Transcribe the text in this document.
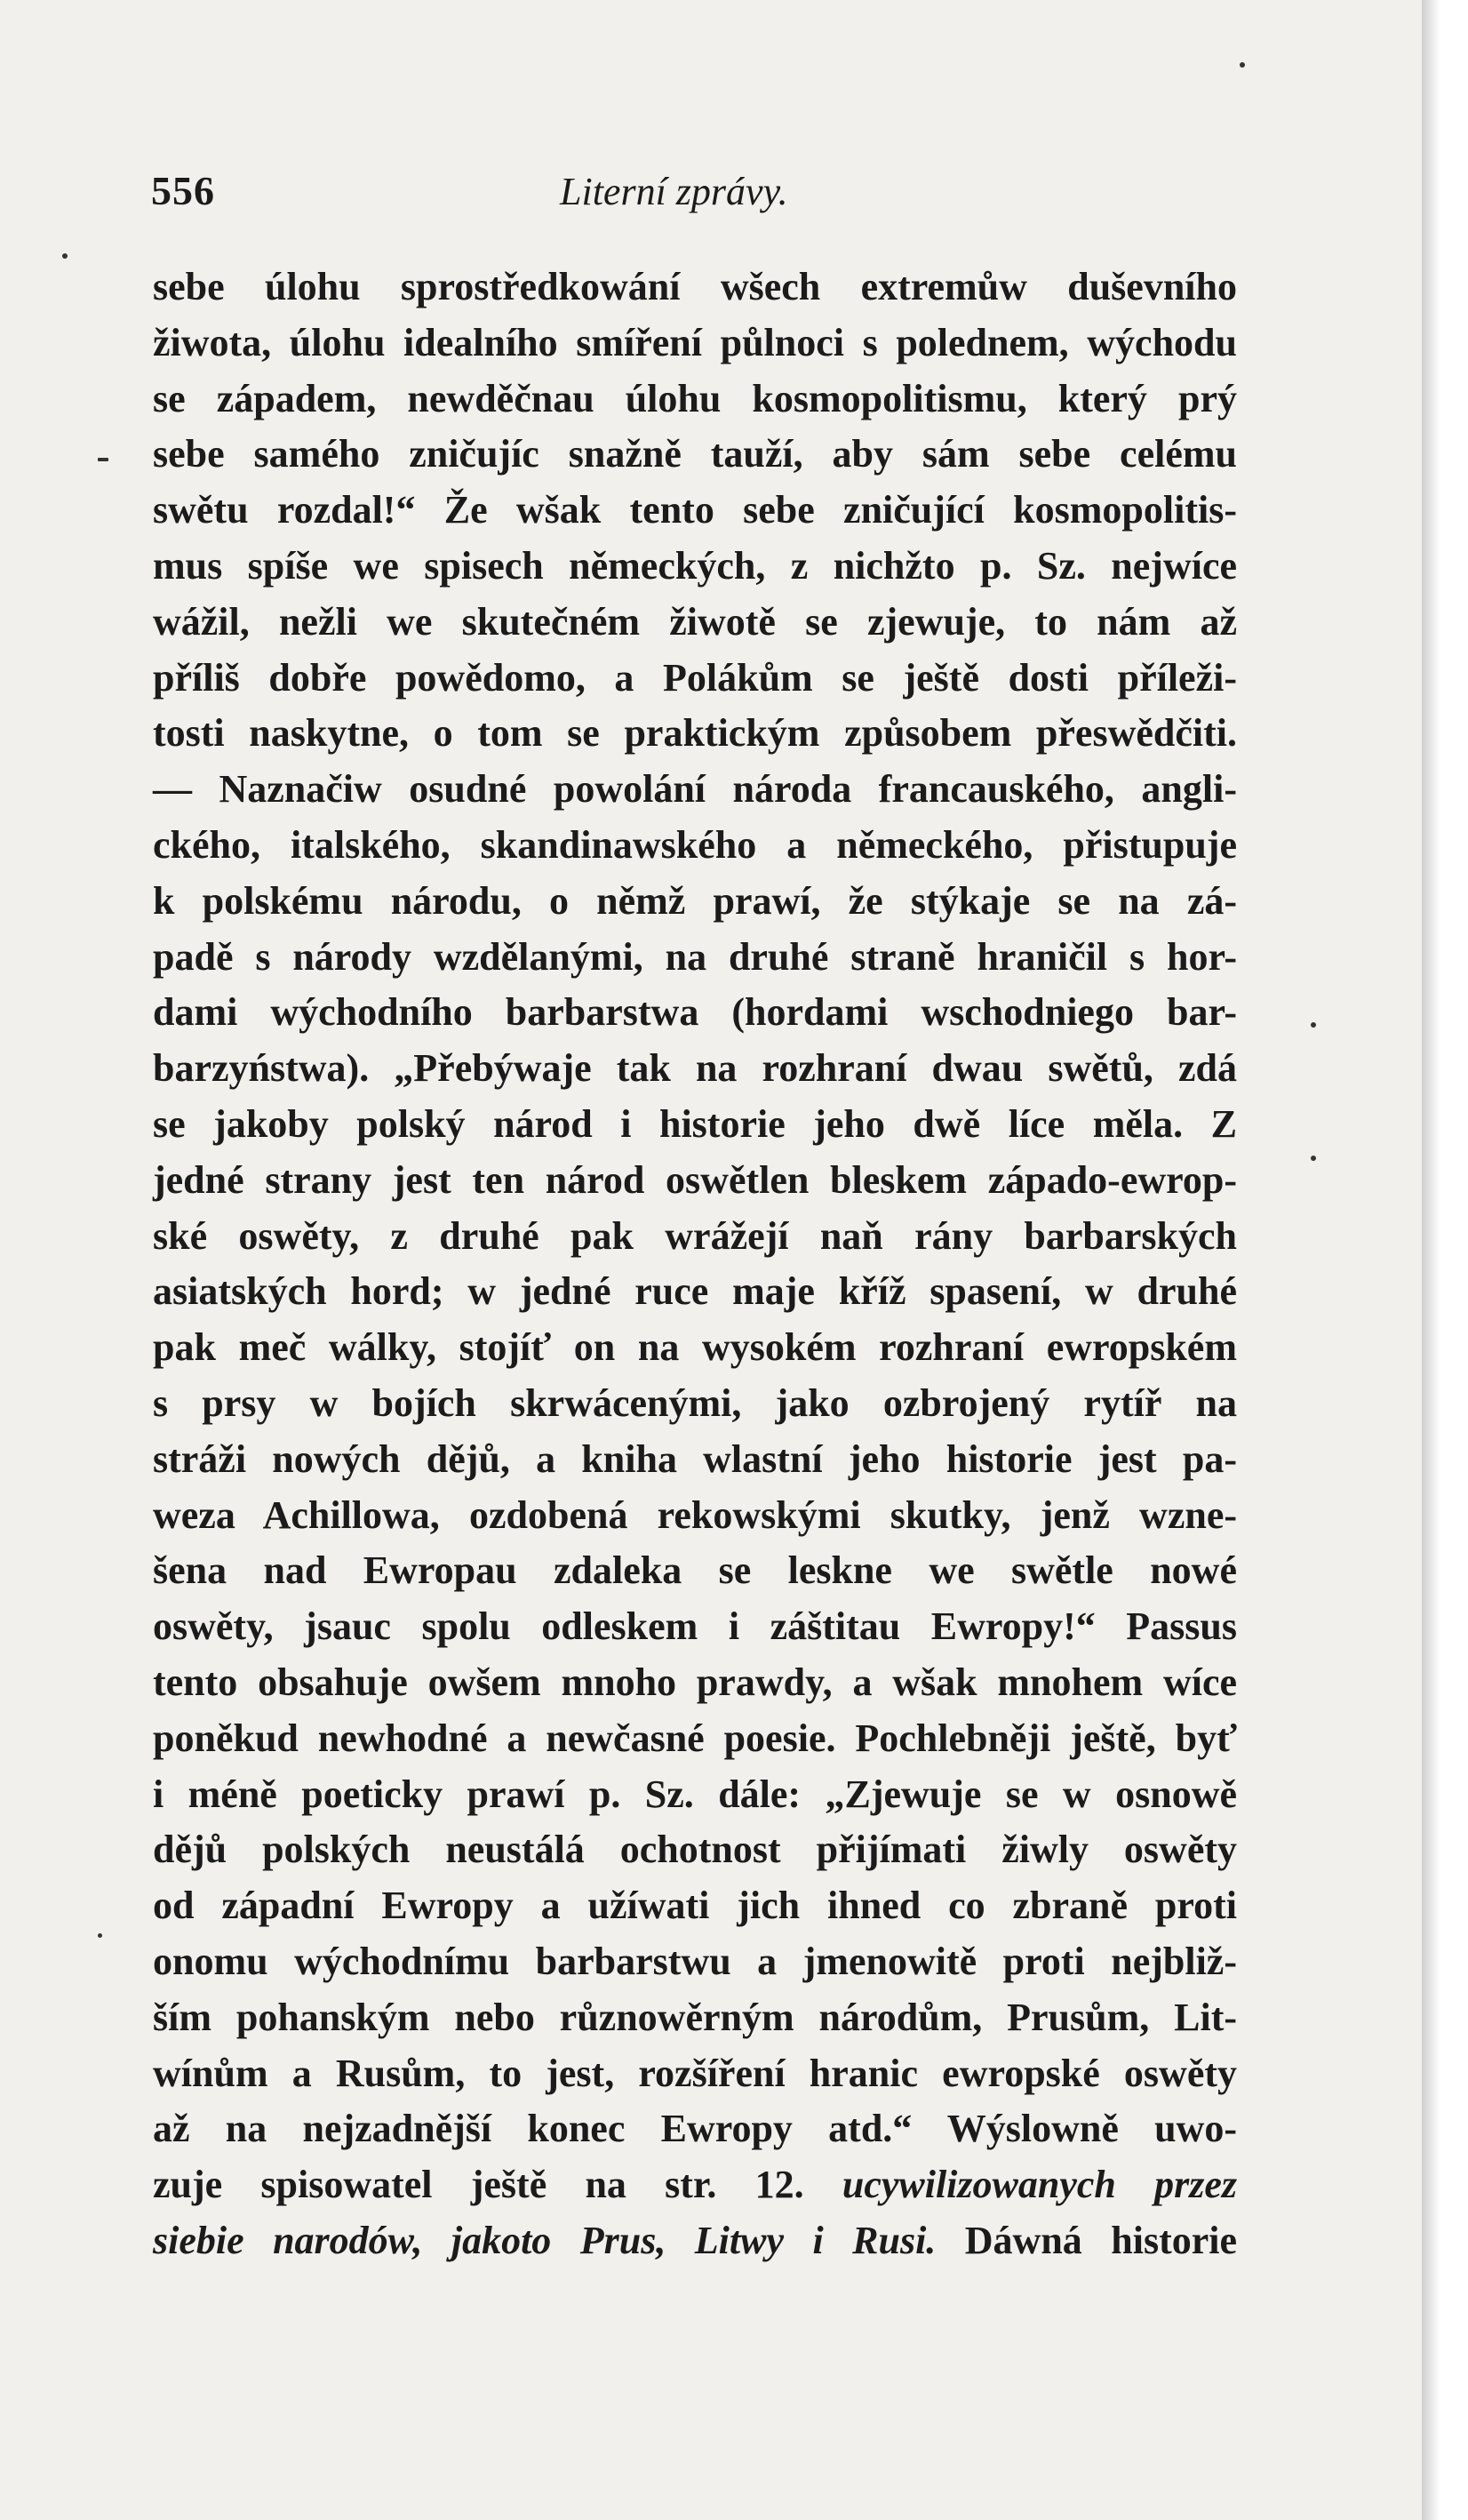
556	Literní zprávy.
sebe úlohu sprostředkowání wšech extremůw duševního
žiwota, úlohu idealního smíření půlnoci s polednem, wýchodu
se západem, newděčnau úlohu kosmopolitismu, který prý
sebe samého zničujíc snažně tauží, aby sám sebe celému
swětu rozdal!“ Že wšak tento sebe zničující kosmopolitis-
mus spíše we spisech německých, z nichžto p. Sz. nejwíce
wážil, nežli we skutečném žiwotě se zjewuje, to nám až
příliš dobře powědomo, a Polákům se ještě dosti příleži-
tosti naskytne, o tom se praktickým způsobem přeswědčiti.
— Naznačiw osudné powolání národa francauského, angli-
ckého, italského, skandinawského a německého, přistupuje
k polskému národu, o němž prawí, že stýkaje se na zá-
padě s národy wzdělanými, na druhé straně hraničil s hor-
dami wýchodního barbarstwa (hordami wschodniego bar-
barzyństwa). „Přebýwaje tak na rozhraní dwau swětů, zdá
se jakoby polský národ i historie jeho dwě líce měla. Z
jedné strany jest ten národ oswětlen bleskem západo-ewrop-
ské oswěty, z druhé pak wrážejí naň rány barbarských
asiatských hord; w jedné ruce maje kříž spasení, w druhé
pak meč wálky, stojíť on na wysokém rozhraní ewropském
s prsy w bojích skrwácenými, jako ozbrojený rytíř na
stráži nowých dějů, a kniha wlastní jeho historie jest pa-
weza Achillowa, ozdobená rekowskými skutky, jenž wzne-
šena nad Ewropau zdaleka se leskne we swětle nowé
oswěty, jsauc spolu odleskem i záštitau Ewropy!“ Passus
tento obsahuje owšem mnoho prawdy, a wšak mnohem wíce
poněkud newhodné a newčasné poesie. Pochlebněji ještě, byť
i méně poeticky prawí p. Sz. dále: „Zjewuje se w osnowě
dějů polských neustálá ochotnost přijímati žiwly oswěty
od západní Ewropy a užíwati jich ihned co zbraně proti
onomu wýchodnímu barbarstwu a jmenowitě proti nejbliž-
ším pohanským nebo různowěrným národům, Prusům, Lit-
wínům a Rusům, to jest, rozšíření hranic ewropské oswěty
až na nejzadnější konec Ewropy atd.“ Wýslowně uwo-
zuje spisowatel ještě na str. 12. ucywilizowanych przez
siebie narodów, jakoto Prus, Litwy i Rusi. Dáwná historie
